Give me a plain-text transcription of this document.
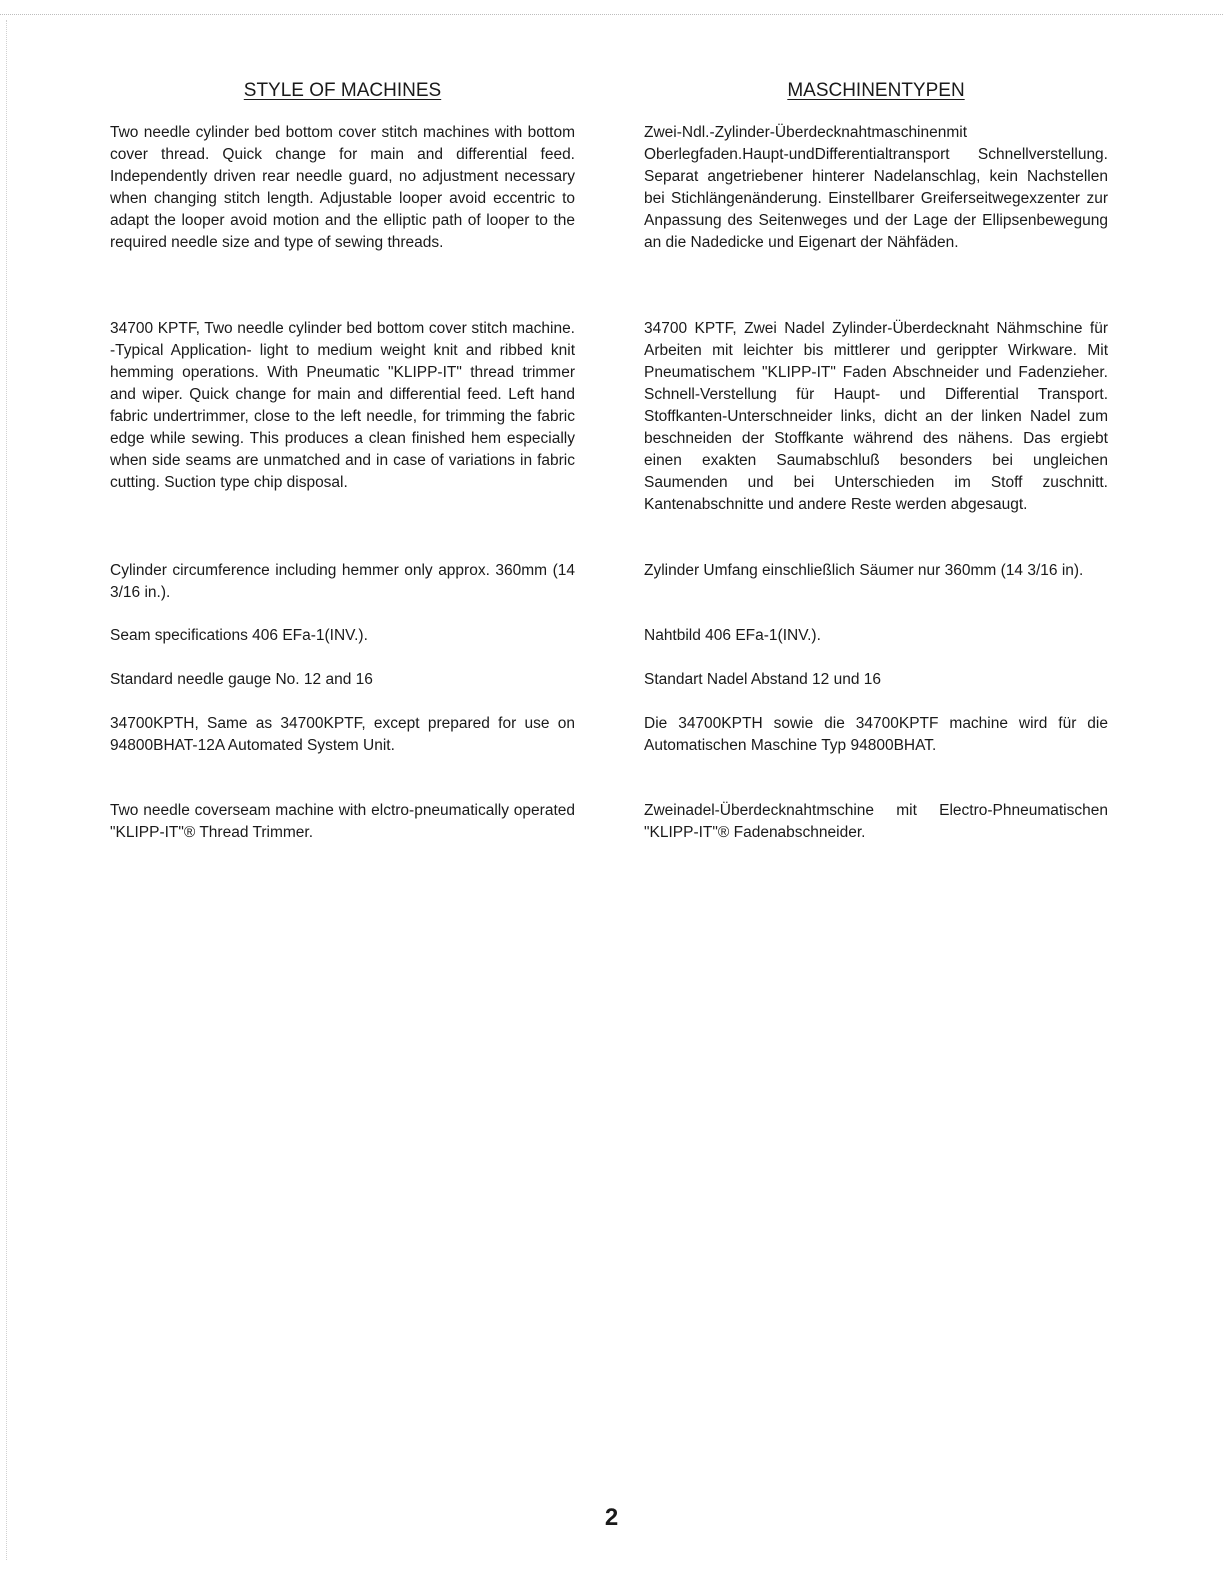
STYLE OF MACHINES

Two needle cylinder bed bottom cover stitch machines with bottom cover thread. Quick change for main and differential feed. Independently driven rear needle guard, no adjustment necessary when changing stitch length. Adjustable looper avoid eccentric to adapt the looper avoid motion and the elliptic path of looper to the required needle size and type of sewing threads.

34700 KPTF, Two needle cylinder bed bottom cover stitch machine. -Typical Application- light to medium weight knit and ribbed knit hemming operations. With Pneumatic "KLIPP-IT" thread trimmer and wiper. Quick change for main and differential feed. Left hand fabric undertrimmer, close to the left needle, for trimming the fabric edge while sewing. This produces a clean finished hem especially when side seams are unmatched and in case of variations in fabric cutting. Suction type chip disposal.

Cylinder circumference including hemmer only approx. 360mm (14 3/16 in.).

Seam specifications 406 EFa-1(INV.).

Standard needle gauge No. 12 and 16

34700KPTH, Same as 34700KPTF, except prepared for use on 94800BHAT-12A Automated System Unit.

Two needle coverseam machine with elctro-pneumatically operated "KLIPP-IT"® Thread Trimmer.

MASCHINENTYPEN

Zwei-Ndl.-Zylinder-Überdecknahtmaschinenmit Oberlegfaden.Haupt-undDifferentialtransport Schnellverstellung. Separat angetriebener hinterer Nadelanschlag, kein Nachstellen bei Stichlängenänderung. Einstellbarer Greiferseitwegexzenter zur Anpassung des Seitenweges und der Lage der Ellipsenbewegung an die Nadedicke und Eigenart der Nähfäden.

34700 KPTF, Zwei Nadel Zylinder-Überdecknaht Nähmschine für Arbeiten mit leichter bis mittlerer und gerippter Wirkware. Mit Pneumatischem "KLIPP-IT" Faden Abschneider und Fadenzieher. Schnell-Verstellung für Haupt- und Differential Transport. Stoffkanten-Unterschneider links, dicht an der linken Nadel zum beschneiden der Stoffkante während des nähens. Das ergiebt einen exakten Saumabschluß besonders bei ungleichen Saumenden und bei Unterschieden im Stoff zuschnitt. Kantenabschnitte und andere Reste werden abgesaugt.

Zylinder Umfang einschließlich Säumer nur 360mm (14 3/16 in).

Nahtbild 406 EFa-1(INV.).

Standart Nadel Abstand 12 und 16

Die 34700KPTH sowie die 34700KPTF machine wird für die Automatischen Maschine Typ 94800BHAT.

Zweinadel-Überdecknahtmschine mit Electro-Phneumatischen "KLIPP-IT"® Fadenabschneider.

2
